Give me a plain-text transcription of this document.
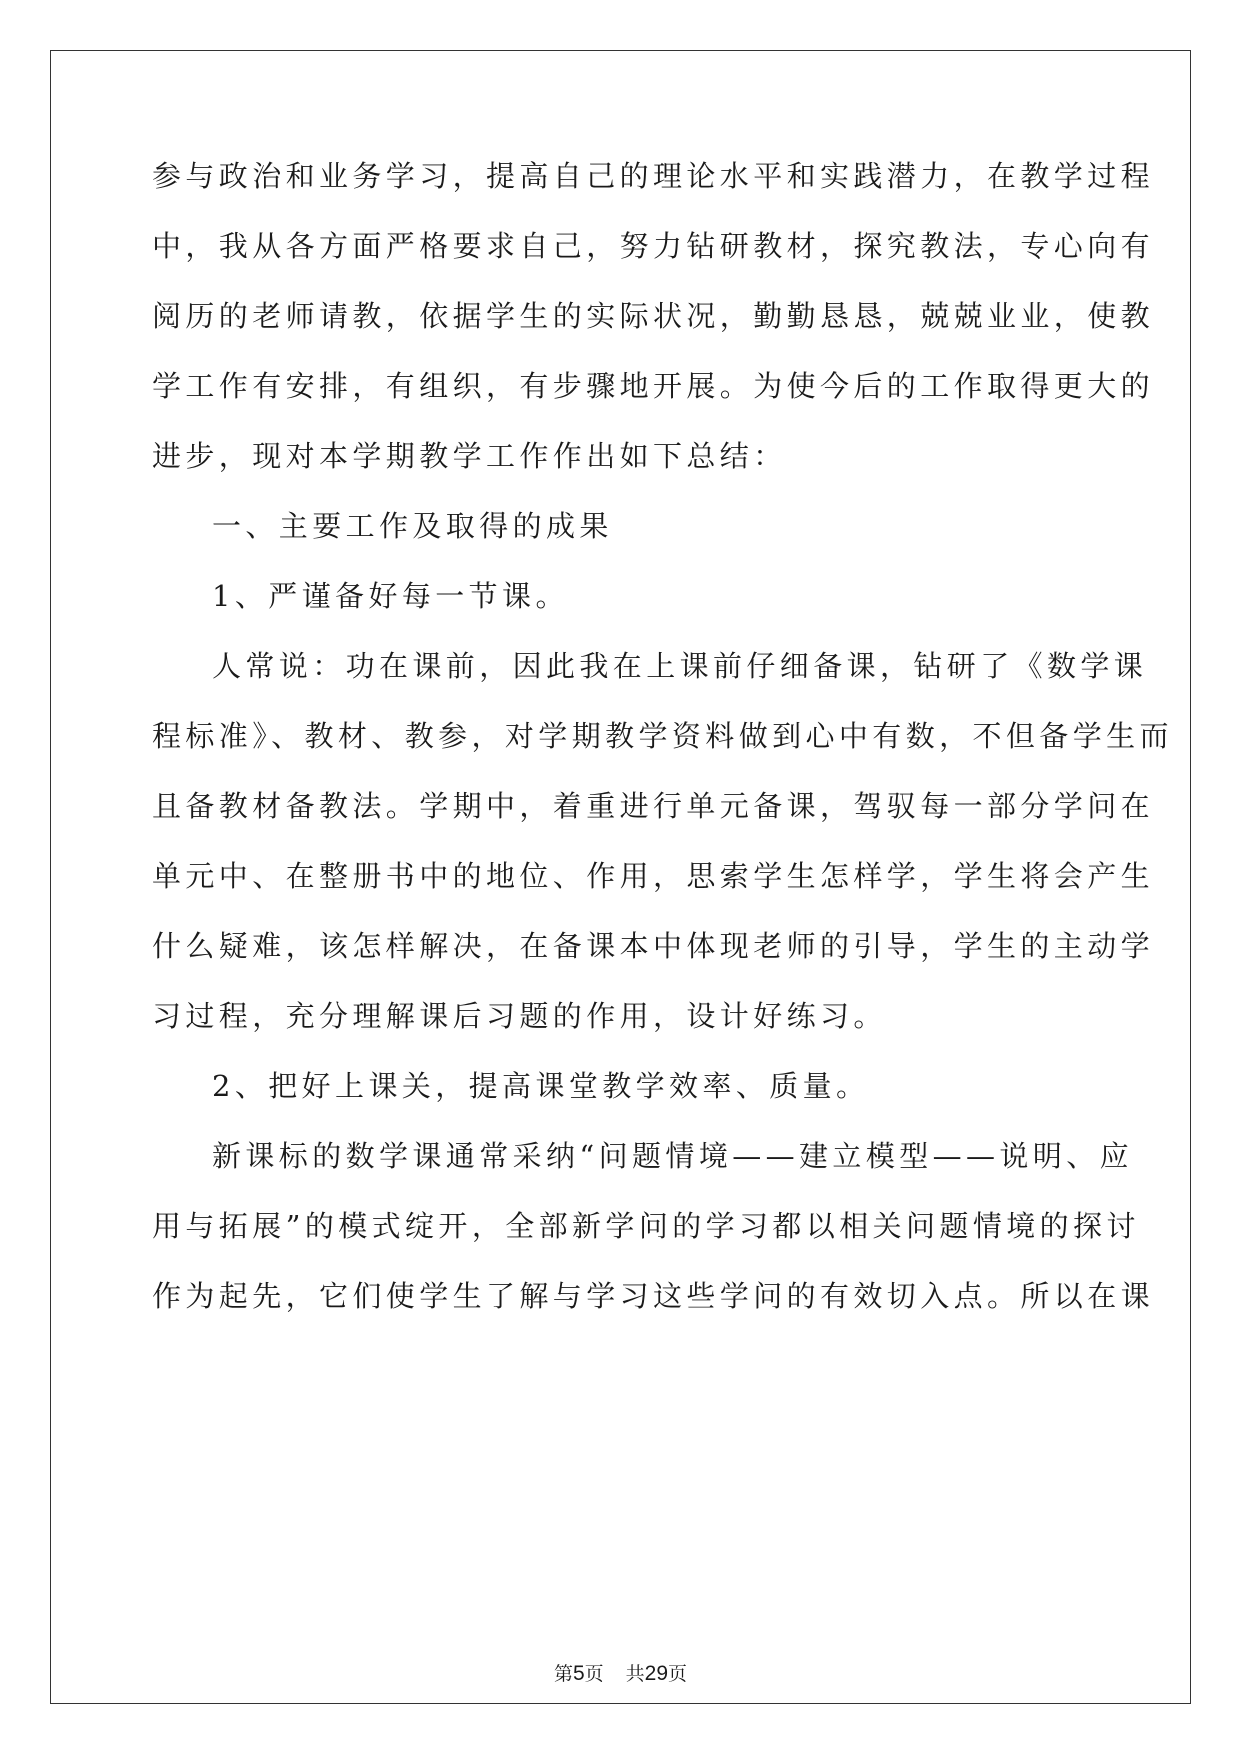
参与政治和业务学习，提高自己的理论水平和实践潜力，在教学过程
中，我从各方面严格要求自己，努力钻研教材，探究教法，专心向有
阅历的老师请教，依据学生的实际状况，勤勤恳恳，兢兢业业，使教
学工作有安排，有组织，有步骤地开展。为使今后的工作取得更大的
进步，现对本学期教学工作作出如下总结：
一、主要工作及取得的成果
1、严谨备好每一节课。
人常说：功在课前，因此我在上课前仔细备课，钻研了《数学课
程标准》、教材、教参，对学期教学资料做到心中有数，不但备学生而
且备教材备教法。学期中，着重进行单元备课，驾驭每一部分学问在
单元中、在整册书中的地位、作用，思索学生怎样学，学生将会产生
什么疑难，该怎样解决，在备课本中体现老师的引导，学生的主动学
习过程，充分理解课后习题的作用，设计好练习。
2、把好上课关，提高课堂教学效率、质量。
新课标的数学课通常采纳“问题情境——建立模型——说明、应
用与拓展”的模式绽开，全部新学问的学习都以相关问题情境的探讨
作为起先，它们使学生了解与学习这些学问的有效切入点。所以在课
第5页 共29页
